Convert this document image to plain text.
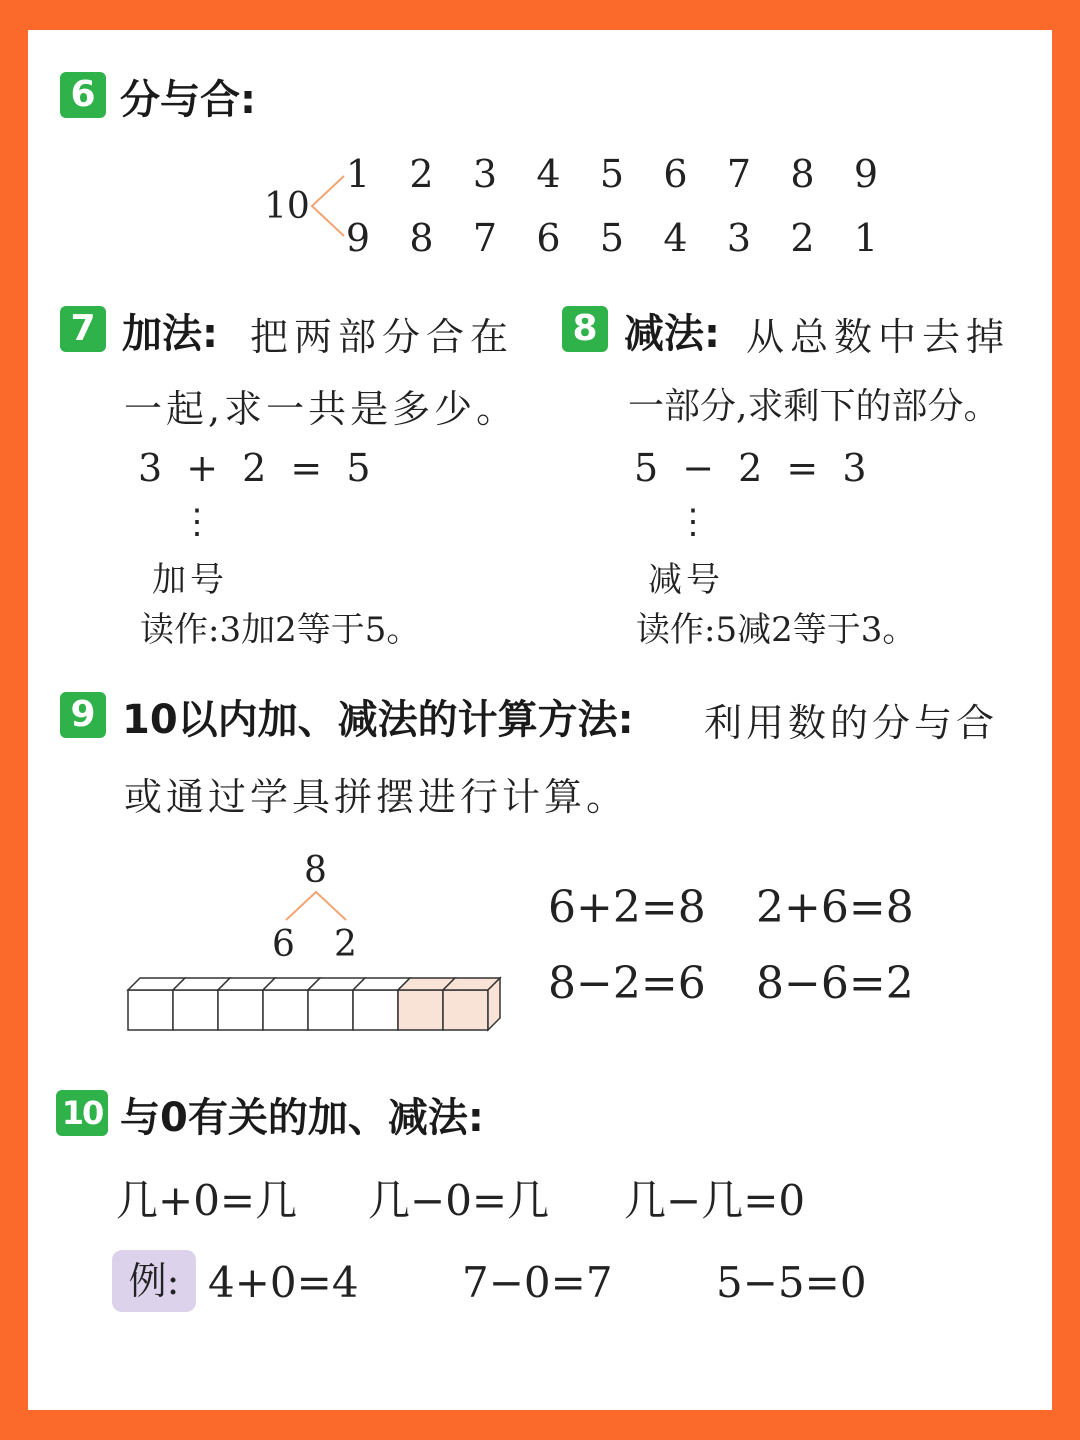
6 分与合:
10
1 2 3 4 5 6 7 8 9
9 8 7 6 5 4 3 2 1
7 加法: 把两部分合在
一起,求一共是多少。
3 + 2 = 5
⋮
加号
读作:3加2等于5。
8 减法: 从总数中去掉
一部分,求剩下的部分。
5 − 2 = 3
⋮
减号
读作:5减2等于3。
9 10以内加、减法的计算方法: 利用数的分与合
或通过学具拼摆进行计算。
8
6 2
6+2=8 2+6=8
8−2=6 8−6=2
10 与0有关的加、减法:
几+0=几 几−0=几 几−几=0
例: 4+0=4 7−0=7 5−5=0
